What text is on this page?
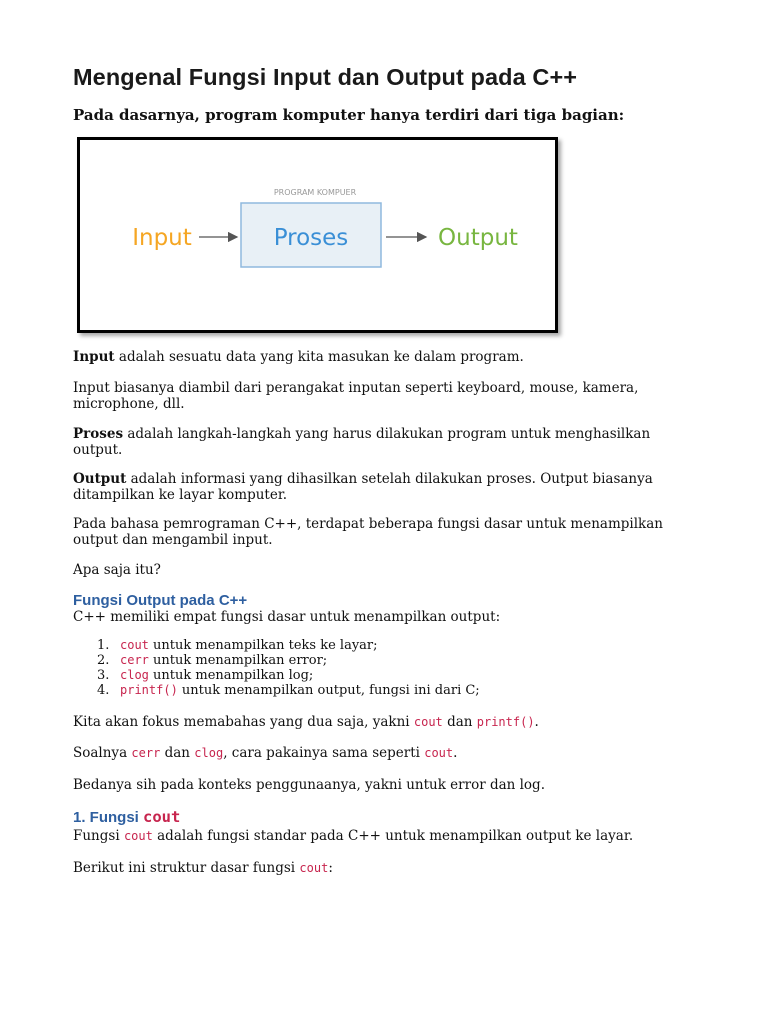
Mengenal Fungsi Input dan Output pada C++

Pada dasarnya, program komputer hanya terdiri dari tiga bagian:

PROGRAM KOMPUER
Input	Proses	Output

Input adalah sesuatu data yang kita masukan ke dalam program.

Input biasanya diambil dari perangakat inputan seperti keyboard, mouse, kamera, microphone, dll.

Proses adalah langkah-langkah yang harus dilakukan program untuk menghasilkan output.

Output adalah informasi yang dihasilkan setelah dilakukan proses. Output biasanya ditampilkan ke layar komputer.

Pada bahasa pemrograman C++, terdapat beberapa fungsi dasar untuk menampilkan output dan mengambil input.

Apa saja itu?

Fungsi Output pada C++

C++ memiliki empat fungsi dasar untuk menampilkan output:

1. cout untuk menampilkan teks ke layar;
2. cerr untuk menampilkan error;
3. clog untuk menampilkan log;
4. printf() untuk menampilkan output, fungsi ini dari C;

Kita akan fokus memabahas yang dua saja, yakni cout dan printf().

Soalnya cerr dan clog, cara pakainya sama seperti cout.

Bedanya sih pada konteks penggunaanya, yakni untuk error dan log.

1. Fungsi cout

Fungsi cout adalah fungsi standar pada C++ untuk menampilkan output ke layar.

Berikut ini struktur dasar fungsi cout:
